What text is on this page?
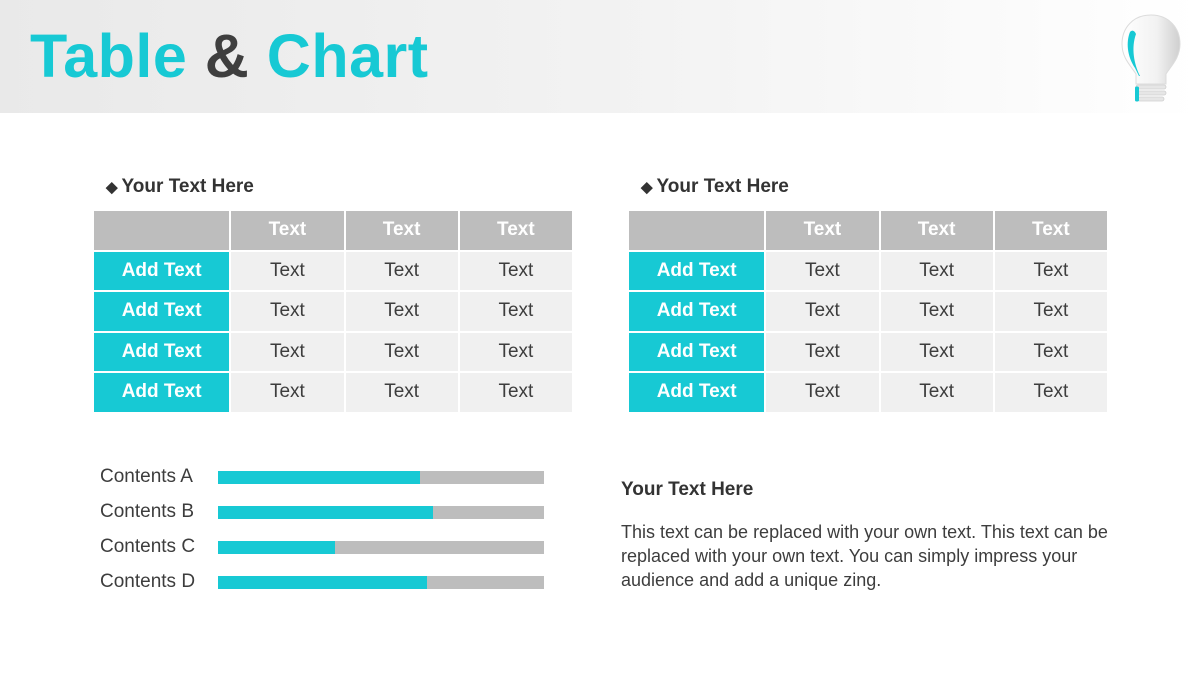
Table & Chart
◆ Your Text Here
	Text	Text	Text
Add Text	Text	Text	Text
Add Text	Text	Text	Text
Add Text	Text	Text	Text
Add Text	Text	Text	Text
◆ Your Text Here
	Text	Text	Text
Add Text	Text	Text	Text
Add Text	Text	Text	Text
Add Text	Text	Text	Text
Add Text	Text	Text	Text
Contents A
Contents B
Contents C
Contents D
Your Text Here

This text can be replaced with your own text. This text can be replaced with your own text. You can simply impress your audience and add a unique zing.
